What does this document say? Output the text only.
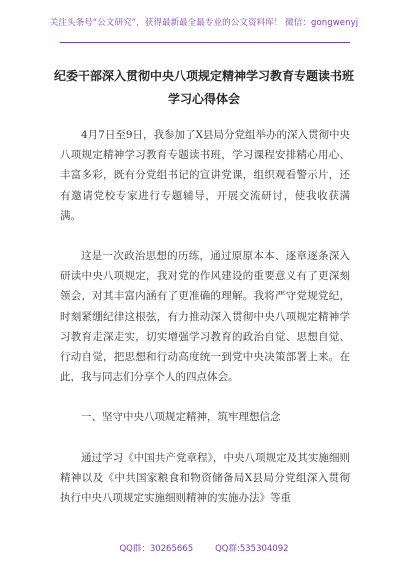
关注头条号“公文研究”，获得最新最全最专业的公文资料库！ 微信：gongwenyj
纪委干部深入贯彻中央八项规定精神学习教育专题读书班
学习心得体会

4月7日至9日，我参加了X县局分党组举办的深入贯彻中央八项规定精神学习教育专题读书班，学习课程安排精心用心、丰富多彩，既有分党组书记的宣讲党课，组织观看警示片，还有邀请党校专家进行专题辅导，开展交流研讨，使我收获满满。

这是一次政治思想的历练，通过原原本本、逐章逐条深入研读中央八项规定，我对党的作风建设的重要意义有了更深刻领会，对其丰富内涵有了更准确的理解。我将严守党规党纪，时刻紧绷纪律这根弦，有力推动深入贯彻中央八项规定精神学习教育走深走实，切实增强学习教育的政治自觉、思想自觉、行动自觉，把思想和行动高度统一到党中央决策部署上来。在此，我与同志们分享个人的四点体会。

一、坚守中央八项规定精神，筑牢理想信念

通过学习《中国共产党章程》，中央八项规定及其实施细则精神以及《中共国家粮食和物资储备局X县局分党组深入贯彻执行中央八项规定实施细则精神的实施办法》等重

QQ群：30265665	QQ群:535304092
